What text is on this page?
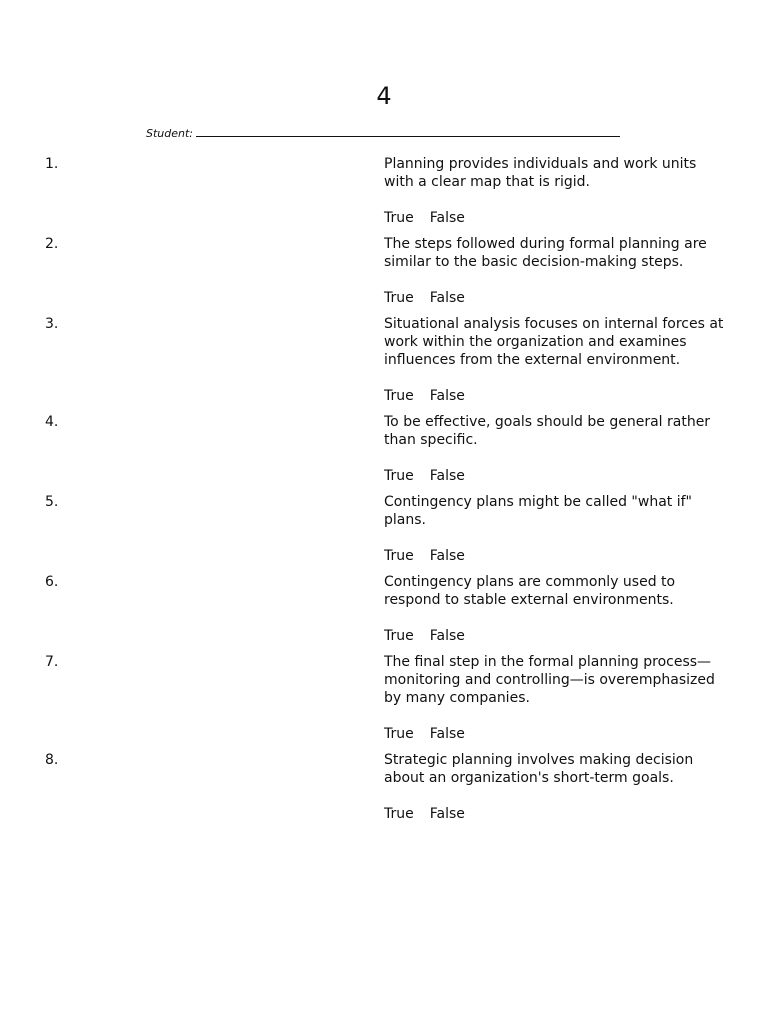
4
Student:
1.	Planning provides individuals and work units with a clear map that is rigid.
True False
2.	The steps followed during formal planning are similar to the basic decision-making steps.
True False
3.	Situational analysis focuses on internal forces at work within the organization and examines influences from the external environment.
True False
4.	To be effective, goals should be general rather than specific.
True False
5.	Contingency plans might be called "what if" plans.
True False
6.	Contingency plans are commonly used to respond to stable external environments.
True False
7.	The final step in the formal planning process—monitoring and controlling—is overemphasized by many companies.
True False
8.	Strategic planning involves making decision about an organization's short-term goals.
True False
